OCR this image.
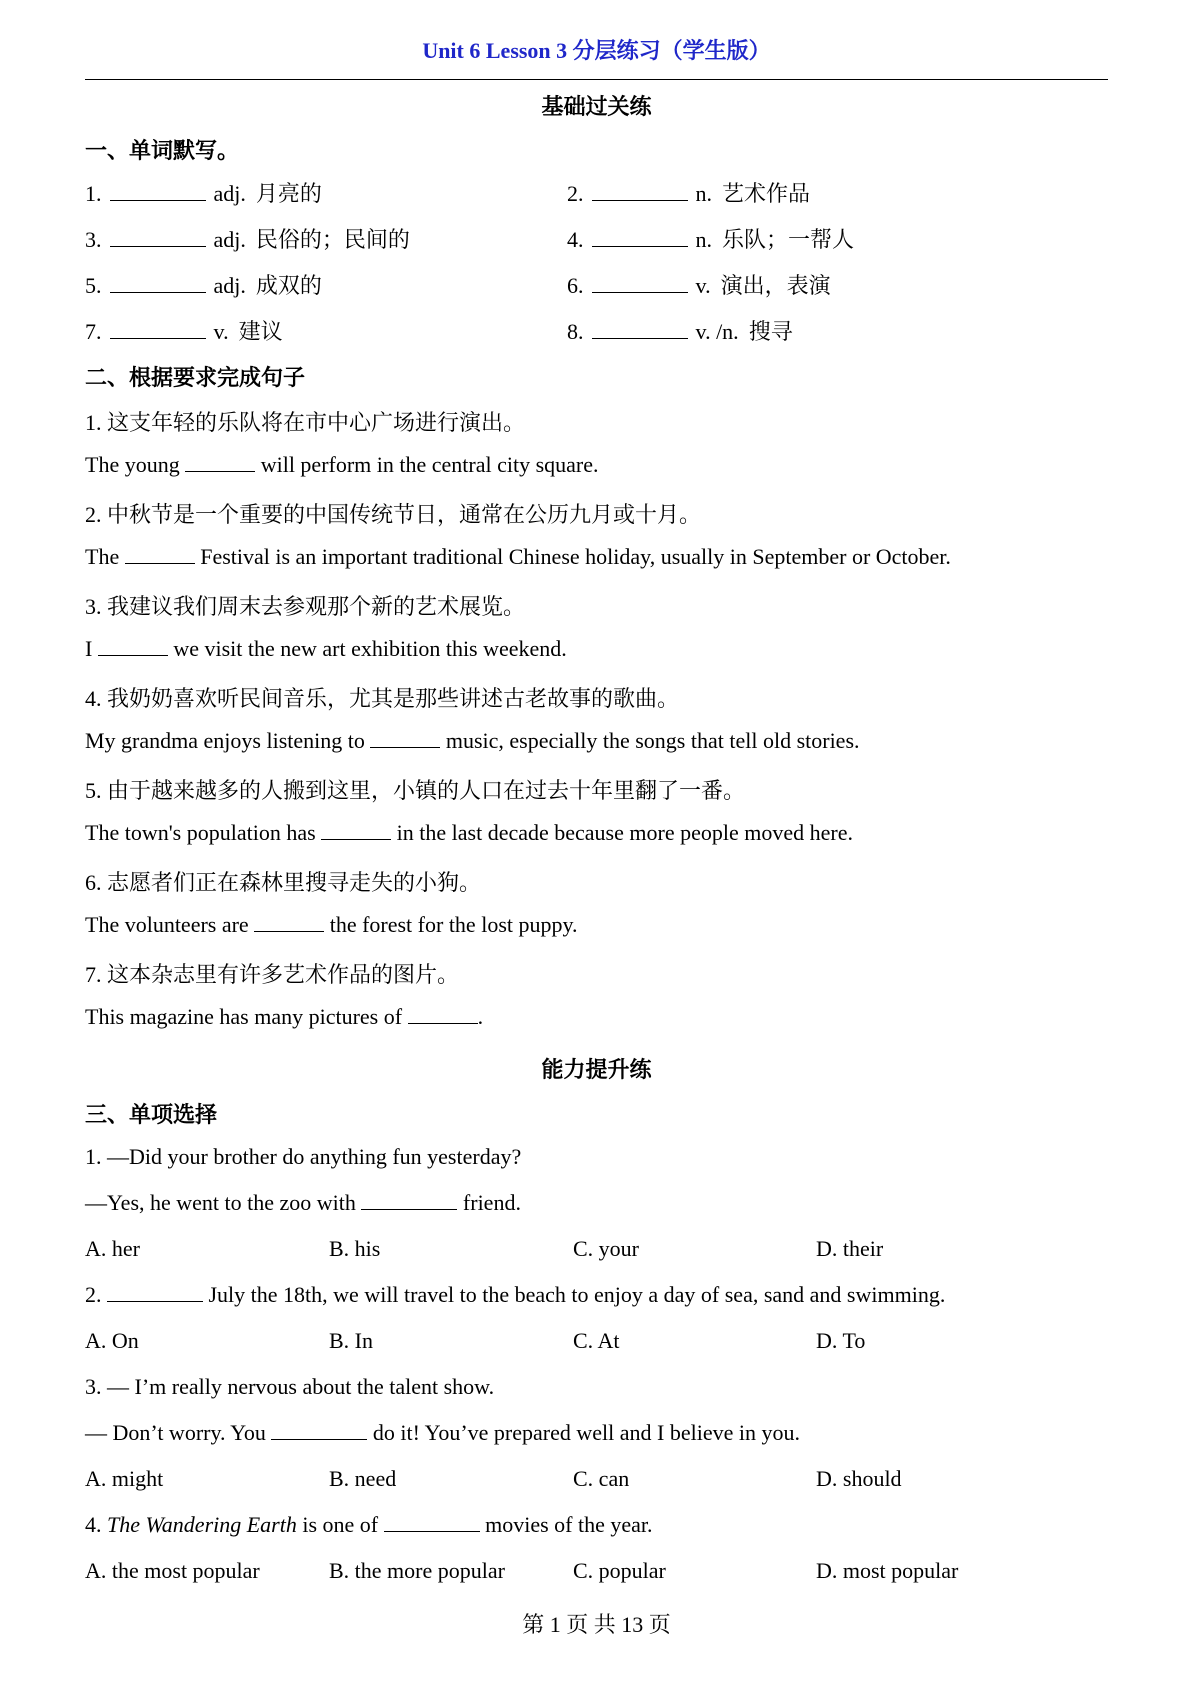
Unit 6 Lesson 3 分层练习（学生版）
基础过关练
一、单词默写。
1.	adj. 月亮的	2.	n. 艺术作品
3.	adj. 民俗的；民间的	4.	n. 乐队；一帮人
5.	adj. 成双的	6.	v. 演出，表演
7.	v. 建议	8.	v. /n. 搜寻
二、根据要求完成句子
1. 这支年轻的乐队将在市中心广场进行演出。
The young	will perform in the central city square.
2. 中秋节是一个重要的中国传统节日，通常在公历九月或十月。
The	Festival is an important traditional Chinese holiday, usually in September or October.
3. 我建议我们周末去参观那个新的艺术展览。
I	we visit the new art exhibition this weekend.
4. 我奶奶喜欢听民间音乐，尤其是那些讲述古老故事的歌曲。
My grandma enjoys listening to	music, especially the songs that tell old stories.
5. 由于越来越多的人搬到这里，小镇的人口在过去十年里翻了一番。
The town's population has	in the last decade because more people moved here.
6. 志愿者们正在森林里搜寻走失的小狗。
The volunteers are	the forest for the lost puppy.
7. 这本杂志里有许多艺术作品的图片。
This magazine has many pictures of	.
能力提升练
三、单项选择
1. —Did your brother do anything fun yesterday?
—Yes, he went to the zoo with	friend.
A. her	B. his	C. your	D. their
2.	July the 18th, we will travel to the beach to enjoy a day of sea, sand and swimming.
A. On	B. In	C. At	D. To
3. — I’m really nervous about the talent show.
— Don’t worry. You	do it! You’ve prepared well and I believe in you.
A. might	B. need	C. can	D. should
4. The Wandering Earth is one of	movies of the year.
A. the most popular	B. the more popular	C. popular	D. most popular
第 1 页 共 13 页
